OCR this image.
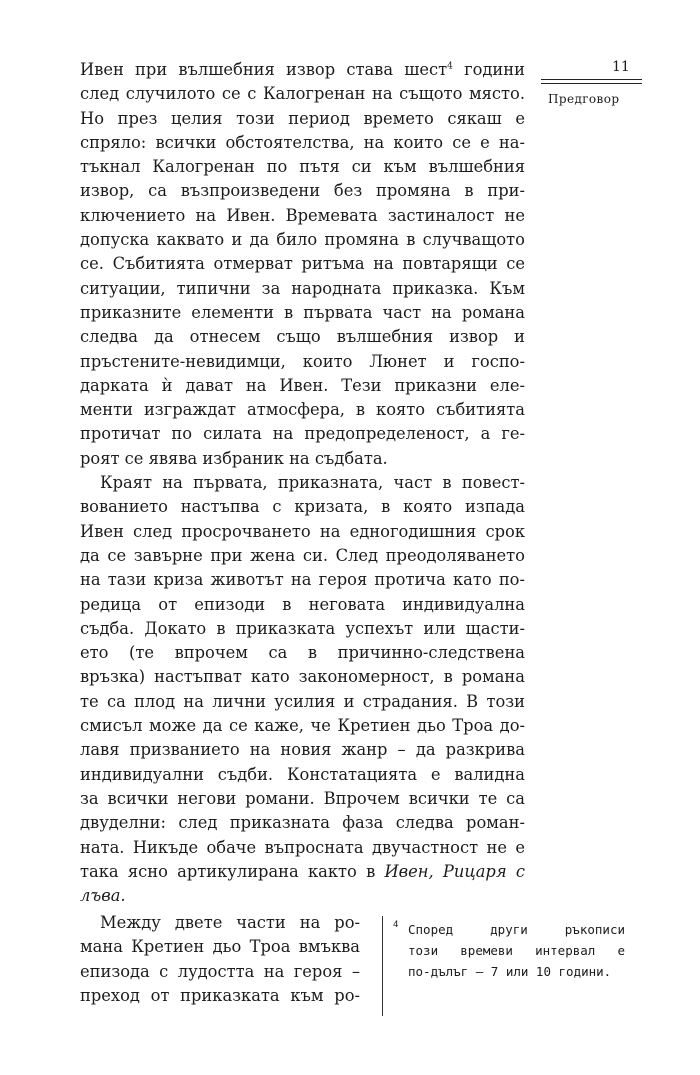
11
Предговор
Ивен при вълшебния извор става шест$^4$ години
след случилото се с Калогренан на същото място.
Но през целия този период времето сякаш е
спряло: всички обстоятелства, на които се е на-
тъкнал Калогренан по пътя си към вълшебния
извор, са възпроизведени без промяна в при-
ключението на Ивен. Времевата застиналост не
допуска каквато и да било промяна в случващото
се. Събитията отмерват ритъма на повтарящи се
ситуации, типични за народната приказка. Към
приказните елементи в първата част на романа
следва да отнесем също вълшебния извор и
пръстените-невидимци, които Люнет и госпо-
дарката ѝ дават на Ивен. Тези приказни еле-
менти изграждат атмосфера, в която събитията
протичат по силата на предопределеност, а ге-
роят се явява избраник на съдбата.
Краят на първата, приказната, част в повест-
вованието настъпва с кризата, в която изпада
Ивен след просрочването на едногодишния срок
да се завърне при жена си. След преодоляването
на тази криза животът на героя протича като по-
редица от епизоди в неговата индивидуална
съдба. Докато в приказката успехът или щасти-
ето (те впрочем са в причинно-следствена
връзка) настъпват като закономерност, в романа
те са плод на лични усилия и страдания. В този
смисъл може да се каже, че Кретиен дьо Троа до-
лавя призванието на новия жанр – да разкрива
индивидуални съдби. Констатацията е валидна
за всички негови романи. Впрочем всички те са
двуделни: след приказната фаза следва роман-
ната. Никъде обаче въпросната двучастност не е
така ясно артикулирана както в Ивен, Рицаря с
лъва.
Между двете части на ро-
мана Кретиен дьо Троа вмъква
епизода с лудостта на героя –
преход от приказката към ро-
4 Според други ръкописи
този времеви интервал е
по-дълъг – 7 или 10 години.
